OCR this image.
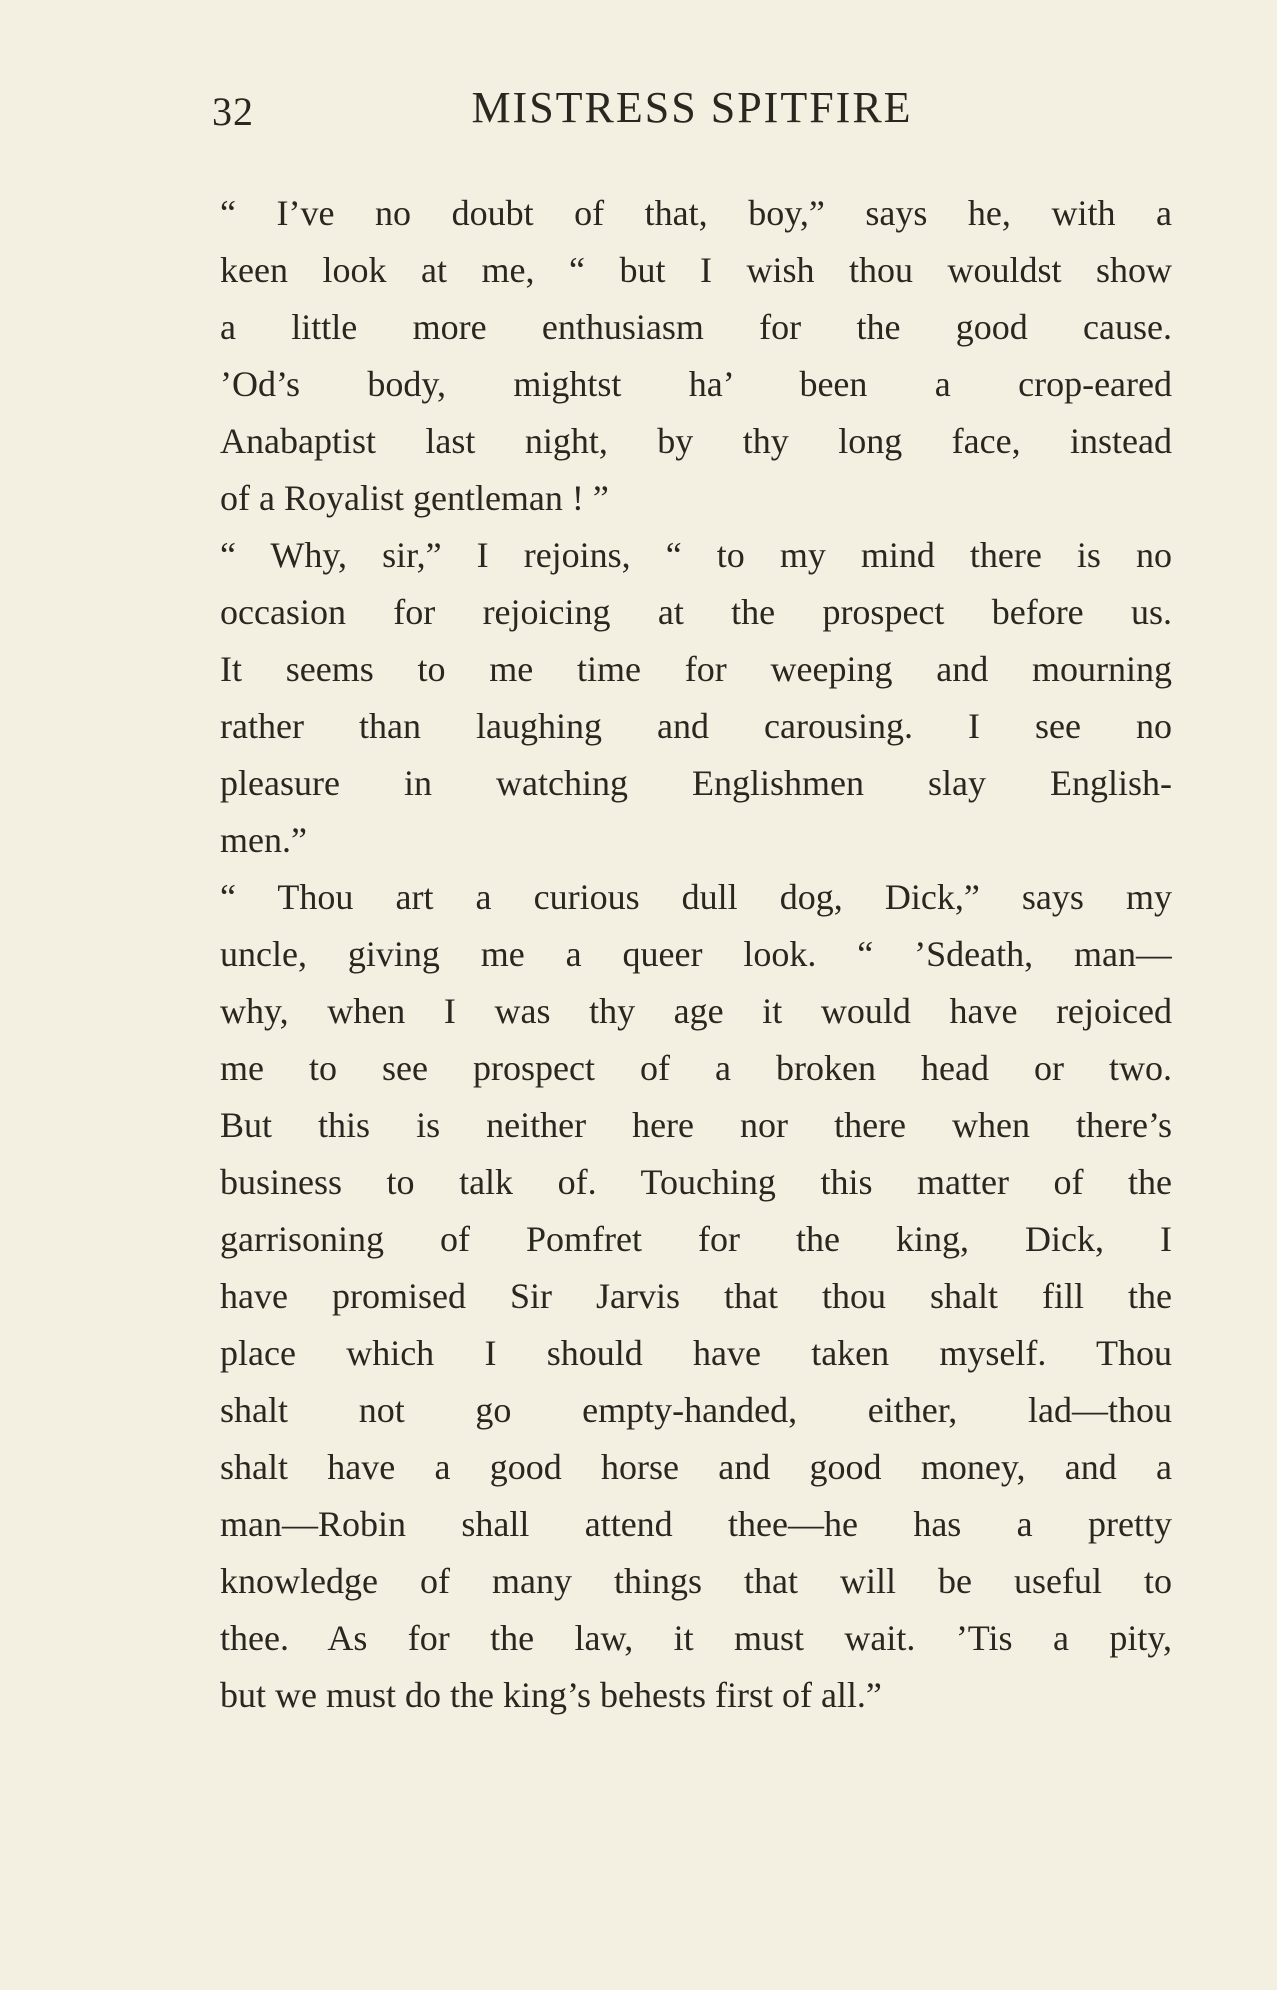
32	MISTRESS SPITFIRE
“ I’ve no doubt of that, boy,” says he, with a
keen look at me, “ but I wish thou wouldst show
a little more enthusiasm for the good cause.
’Od’s body, mightst ha’ been a crop-eared
Anabaptist last night, by thy long face, instead
of a Royalist gentleman ! ”
“ Why, sir,” I rejoins, “ to my mind there is no
occasion for rejoicing at the prospect before us.
It seems to me time for weeping and mourning
rather than laughing and carousing. I see no
pleasure in watching Englishmen slay English-
men.”
“ Thou art a curious dull dog, Dick,” says my
uncle, giving me a queer look. “ ’Sdeath, man—
why, when I was thy age it would have rejoiced
me to see prospect of a broken head or two.
But this is neither here nor there when there’s
business to talk of. Touching this matter of the
garrisoning of Pomfret for the king, Dick, I
have promised Sir Jarvis that thou shalt fill the
place which I should have taken myself. Thou
shalt not go empty-handed, either, lad—thou
shalt have a good horse and good money, and a
man—Robin shall attend thee—he has a pretty
knowledge of many things that will be useful to
thee. As for the law, it must wait. ’Tis a pity,
but we must do the king’s behests first of all.”
